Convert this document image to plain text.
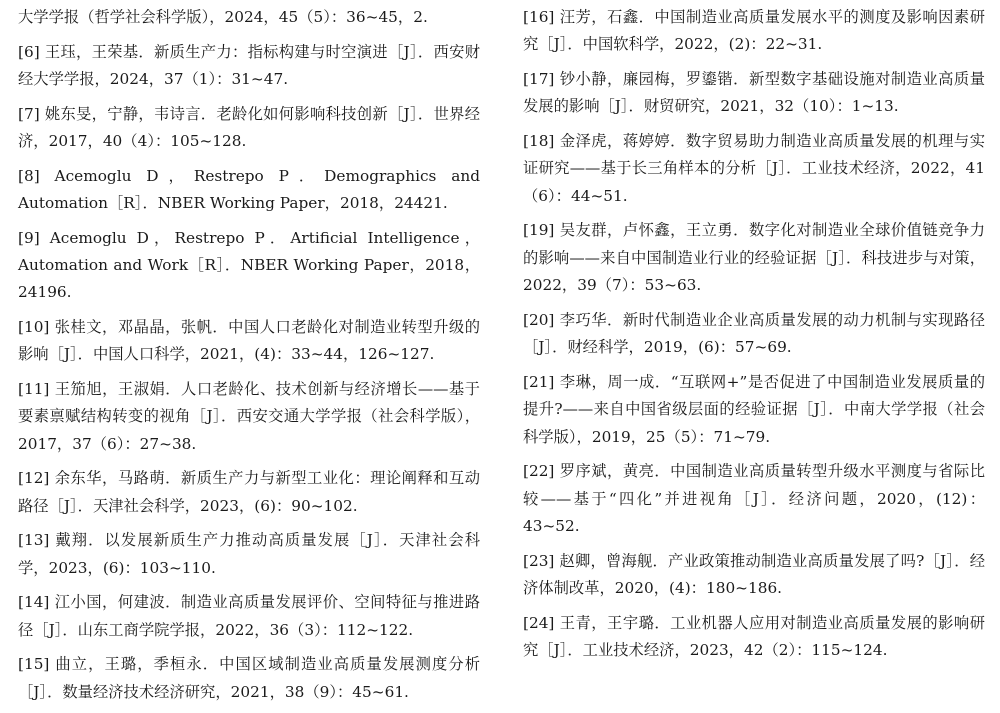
大学学报（哲学社会科学版），2024，45（5）：36~45，2.

[6] 王珏，王荣基．新质生产力：指标构建与时空演进［J］．西安财经大学学报，2024，37（1）：31~47.

[7] 姚东旻，宁静，韦诗言．老龄化如何影响科技创新［J］．世界经济，2017，40（4）：105~128.

[8] Acemoglu D，Restrepo P．Demographics and Automation［R］．NBER Working Paper，2018，24421.

[9] Acemoglu D，Restrepo P．Artificial Intelligence，Automation and Work［R］．NBER Working Paper，2018，24196.

[10] 张桂文，邓晶晶，张帆．中国人口老龄化对制造业转型升级的影响［J］．中国人口科学，2021，(4)：33~44，126~127.

[11] 王笳旭，王淑娟．人口老龄化、技术创新与经济增长——基于要素禀赋结构转变的视角［J］．西安交通大学学报（社会科学版），2017，37（6）：27~38.

[12] 余东华，马路萌．新质生产力与新型工业化：理论阐释和互动路径［J］．天津社会科学，2023，(6)：90~102.

[13] 戴翔．以发展新质生产力推动高质量发展［J］．天津社会科学，2023，(6)：103~110.

[14] 江小国，何建波．制造业高质量发展评价、空间特征与推进路径［J］．山东工商学院学报，2022，36（3）：112~122.

[15] 曲立，王璐，季桓永．中国区域制造业高质量发展测度分析［J］．数量经济技术经济研究，2021，38（9）：45~61.

[16] 汪芳，石鑫．中国制造业高质量发展水平的测度及影响因素研究［J］．中国软科学，2022，(2)：22~31.

[17] 钞小静，廉园梅，罗鎏锴．新型数字基础设施对制造业高质量发展的影响［J］．财贸研究，2021，32（10）：1~13.

[18] 金泽虎，蒋婷婷．数字贸易助力制造业高质量发展的机理与实证研究——基于长三角样本的分析［J］．工业技术经济，2022，41（6）：44~51.

[19] 吴友群，卢怀鑫，王立勇．数字化对制造业全球价值链竞争力的影响——来自中国制造业行业的经验证据［J］．科技进步与对策，2022，39（7）：53~63.

[20] 李巧华．新时代制造业企业高质量发展的动力机制与实现路径［J］．财经科学，2019，(6)：57~69.

[21] 李琳，周一成．“互联网+”是否促进了中国制造业发展质量的提升?——来自中国省级层面的经验证据［J］．中南大学学报（社会科学版），2019，25（5）：71~79.

[22] 罗序斌，黄亮．中国制造业高质量转型升级水平测度与省际比较——基于“四化”并进视角［J］．经济问题，2020，(12)：43~52.

[23] 赵卿，曾海舰．产业政策推动制造业高质量发展了吗?［J］．经济体制改革，2020，(4)：180~186.

[24] 王青，王宇璐．工业机器人应用对制造业高质量发展的影响研究［J］．工业技术经济，2023，42（2）：115~124.
